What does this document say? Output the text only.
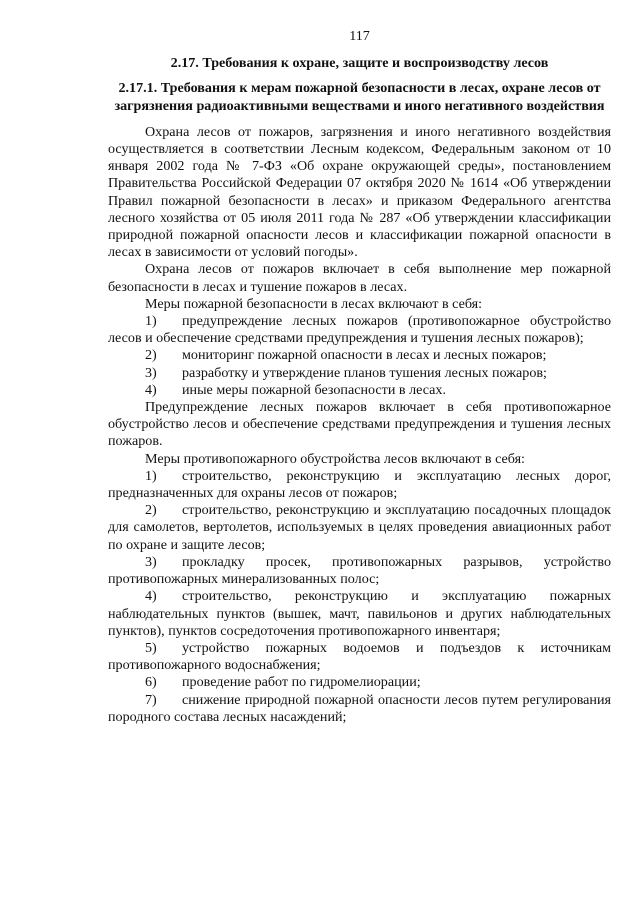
117
2.17. Требования к охране, защите и воспроизводству лесов
2.17.1. Требования к мерам пожарной безопасности в лесах, охране лесов от загрязнения радиоактивными веществами и иного негативного воздействия

Охрана лесов от пожаров, загрязнения и иного негативного воздействия осуществляется в соответствии Лесным кодексом, Федеральным законом от 10 января 2002 года № 7-ФЗ «Об охране окружающей среды», постановлением Правительства Российской Федерации 07 октября 2020 № 1614 «Об утверждении Правил пожарной безопасности в лесах» и приказом Федерального агентства лесного хозяйства от 05 июля 2011 года № 287 «Об утверждении классификации природной пожарной опасности лесов и классификации пожарной опасности в лесах в зависимости от условий погоды».

Охрана лесов от пожаров включает в себя выполнение мер пожарной безопасности в лесах и тушение пожаров в лесах.

Меры пожарной безопасности в лесах включают в себя:

1) предупреждение лесных пожаров (противопожарное обустройство лесов и обеспечение средствами предупреждения и тушения лесных пожаров);

2) мониторинг пожарной опасности в лесах и лесных пожаров;

3) разработку и утверждение планов тушения лесных пожаров;

4) иные меры пожарной безопасности в лесах.

Предупреждение лесных пожаров включает в себя противопожарное обустройство лесов и обеспечение средствами предупреждения и тушения лесных пожаров.

Меры противопожарного обустройства лесов включают в себя:

1) строительство, реконструкцию и эксплуатацию лесных дорог, предназначенных для охраны лесов от пожаров;

2) строительство, реконструкцию и эксплуатацию посадочных площадок для самолетов, вертолетов, используемых в целях проведения авиационных работ по охране и защите лесов;

3) прокладку просек, противопожарных разрывов, устройство противопожарных минерализованных полос;

4) строительство, реконструкцию и эксплуатацию пожарных наблюдательных пунктов (вышек, мачт, павильонов и других наблюдательных пунктов), пунктов сосредоточения противопожарного инвентаря;

5) устройство пожарных водоемов и подъездов к источникам противопожарного водоснабжения;

6) проведение работ по гидромелиорации;

7) снижение природной пожарной опасности лесов путем регулирования породного состава лесных насаждений;
